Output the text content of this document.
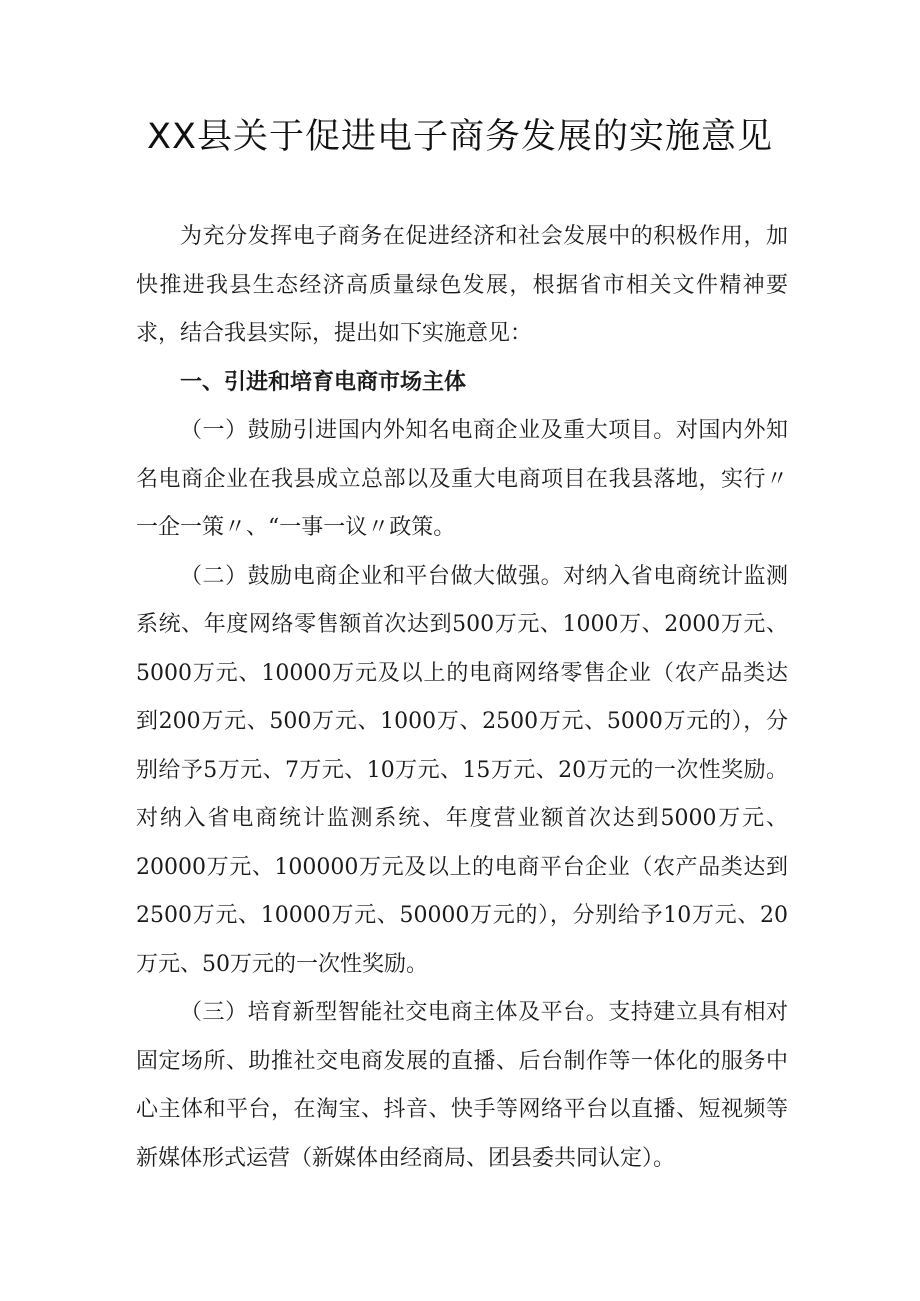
XX县关于促进电子商务发展的实施意见

为充分发挥电子商务在促进经济和社会发展中的积极作用，加快推进我县生态经济高质量绿色发展，根据省市相关文件精神要求，结合我县实际，提出如下实施意见：

一、引进和培育电商市场主体

（一）鼓励引进国内外知名电商企业及重大项目。对国内外知名电商企业在我县成立总部以及重大电商项目在我县落地，实行〃一企一策〃、“一事一议〃政策。

（二）鼓励电商企业和平台做大做强。对纳入省电商统计监测系统、年度网络零售额首次达到500万元、1000万、2000万元、5000万元、10000万元及以上的电商网络零售企业（农产品类达到200万元、500万元、1000万、2500万元、5000万元的），分别给予5万元、7万元、10万元、15万元、20万元的一次性奖励。对纳入省电商统计监测系统、年度营业额首次达到5000万元、20000万元、100000万元及以上的电商平台企业（农产品类达到2500万元、10000万元、50000万元的），分别给予10万元、20万元、50万元的一次性奖励。

（三）培育新型智能社交电商主体及平台。支持建立具有相对固定场所、助推社交电商发展的直播、后台制作等一体化的服务中心主体和平台，在淘宝、抖音、快手等网络平台以直播、短视频等新媒体形式运营（新媒体由经商局、团县委共同认定）。
